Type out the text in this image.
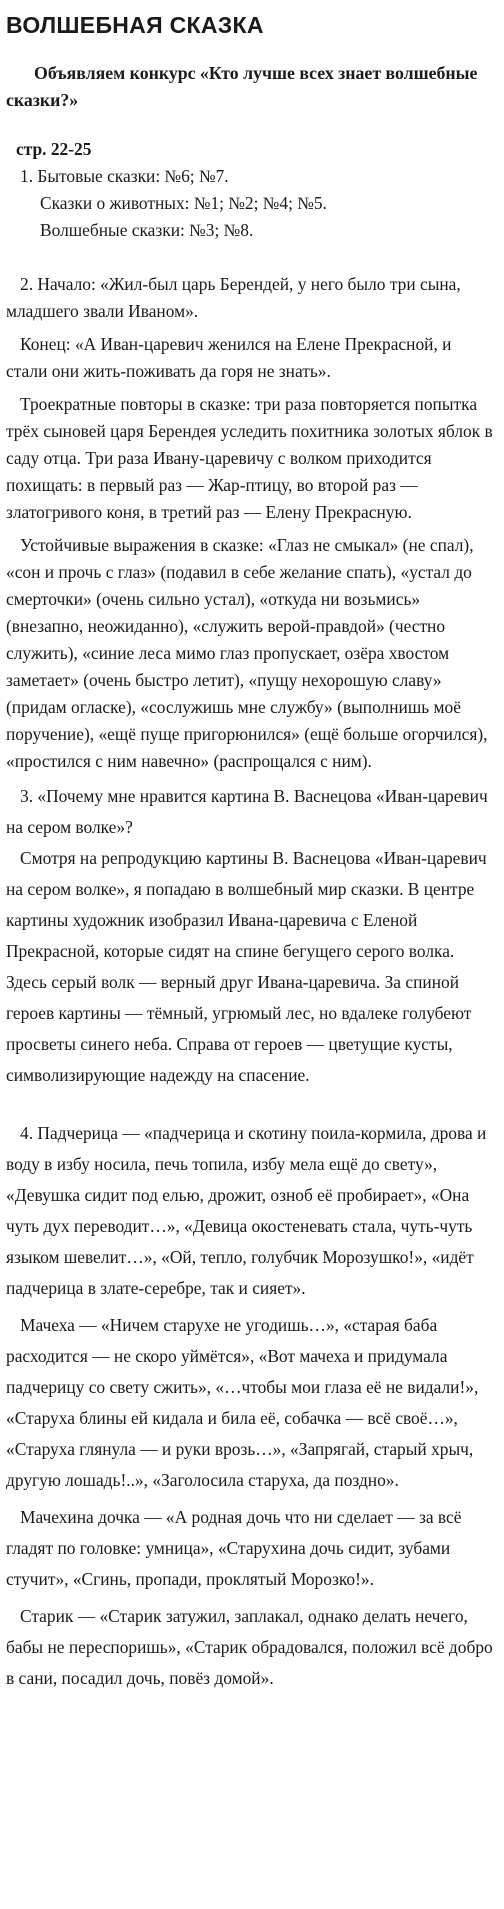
ВОЛШЕБНАЯ СКАЗКА
Объявляем конкурс «Кто лучше всех знает волшебные сказки?»
стр. 22-25

1. Бытовые сказки: №6; №7.

Сказки о животных: №1; №2; №4; №5.

Волшебные сказки: №3; №8.

2. Начало: «Жил-был царь Берендей, у него было три сына, младшего звали Иваном».

Конец: «А Иван-царевич женился на Елене Прекрасной, и стали они жить-поживать да горя не знать».

Троекратные повторы в сказке: три раза повторяется попытка трёх сыновей царя Берендея уследить похитника золотых яблок в саду отца. Три раза Ивану-царевичу с волком приходится похищать: в первый раз — Жар-птицу, во второй раз — златогривого коня, в третий раз — Елену Прекрасную.

Устойчивые выражения в сказке: «Глаз не смыкал» (не спал), «сон и прочь с глаз» (подавил в себе желание спать), «устал до смерточки» (очень сильно устал), «откуда ни возьмись» (внезапно, неожиданно), «служить верой-правдой» (честно служить), «синие леса мимо глаз пропускает, озёра хвостом заметает» (очень быстро летит), «пущу нехорошую славу» (придам огласке), «сослужишь мне службу» (выполнишь моё поручение), «ещё пуще пригорюнился» (ещё больше огорчился), «простился с ним навечно» (распрощался с ним).

3. «Почему мне нравится картина В. Васнецова «Иван-царевич на сером волке»?

Смотря на репродукцию картины В. Васнецова «Иван-царевич на сером волке», я попадаю в волшебный мир сказки. В центре картины художник изобразил Ивана-царевича с Еленой Прекрасной, которые сидят на спине бегущего серого волка. Здесь серый волк — верный друг Ивана-царевича. За спиной героев картины — тёмный, угрюмый лес, но вдалеке голубеют просветы синего неба. Справа от героев — цветущие кусты, символизирующие надежду на спасение.

4. Падчерица — «падчерица и скотину поила-кормила, дрова и воду в избу носила, печь топила, избу мела ещё до свету», «Девушка сидит под елью, дрожит, озноб её пробирает», «Она чуть дух переводит…», «Девица окостеневать стала, чуть-чуть языком шевелит…», «Ой, тепло, голубчик Морозушко!», «идёт падчерица в злате-серебре, так и сияет».

Мачеха — «Ничем старухе не угодишь…», «старая баба расходится — не скоро уймётся», «Вот мачеха и придумала падчерицу со свету сжить», «…чтобы мои глаза её не видали!», «Старуха блины ей кидала и била её, собачка — всё своё…», «Старуха глянула — и руки врозь…», «Запрягай, старый хрыч, другую лошадь!..», «Заголосила старуха, да поздно».

Мачехина дочка — «А родная дочь что ни сделает — за всё гладят по головке: умница», «Старухина дочь сидит, зубами стучит», «Сгинь, пропади, проклятый Морозко!».

Старик — «Старик затужил, заплакал, однако делать нечего, бабы не переспоришь», «Старик обрадовался, положил всё добро в сани, посадил дочь, повёз домой».
